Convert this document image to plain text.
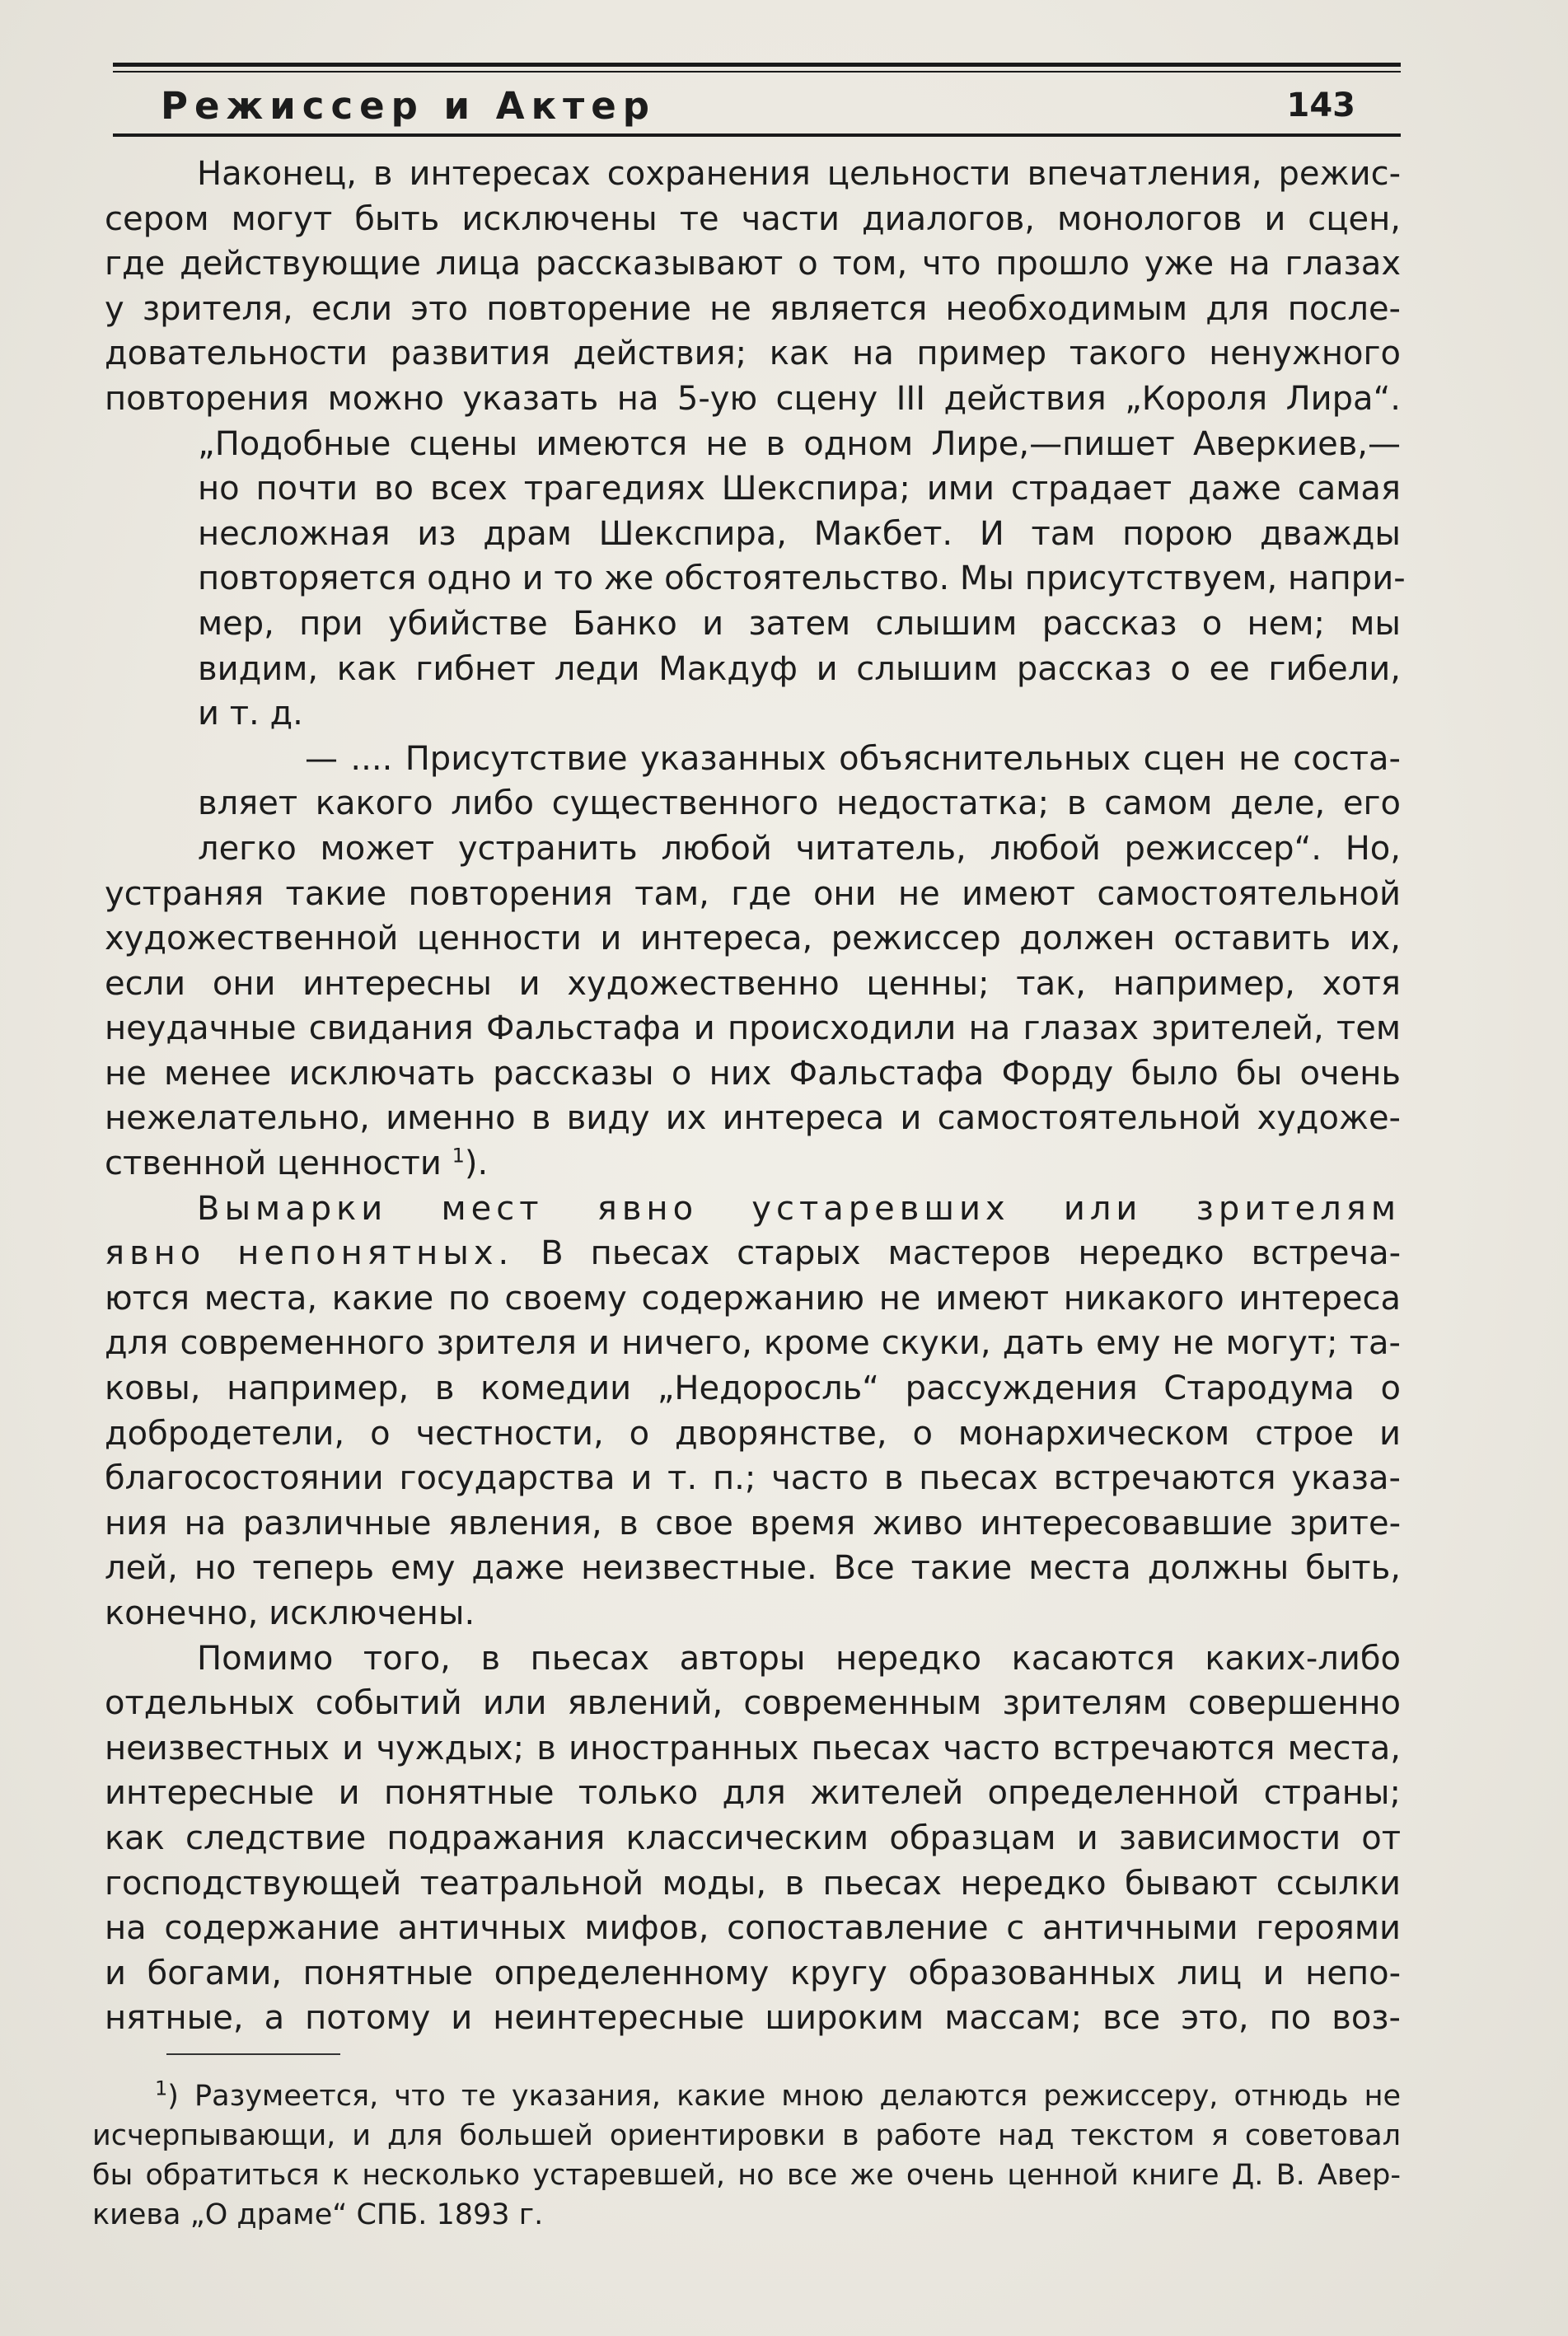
Режиссер и Актер	143
Наконец, в интересах сохранения цельности впечатления, режис-
сером могут быть исключены те части диалогов, монологов и сцен,
где действующие лица рассказывают о том, что прошло уже на глазах
у зрителя, если это повторение не является необходимым для после-
довательности развития действия; как на пример такого ненужного
повторения можно указать на 5-ую сцену III действия „Короля Лира“.
„Подобные сцены имеются не в одном Лире,—пишет Аверкиев,—
но почти во всех трагедиях Шекспира; ими страдает даже самая
несложная из драм Шекспира, Макбет. И там порою дважды
повторяется одно и то же обстоятельство. Мы присутствуем, напри-
мер, при убийстве Банко и затем слышим рассказ о нем; мы
видим, как гибнет леди Макдуф и слышим рассказ о ее гибели,
и т. д.
— .... Присутствие указанных объяснительных сцен не соста-
вляет какого либо существенного недостатка; в самом деле, его
легко может устранить любой читатель, любой режиссер“. Но,
устраняя такие повторения там, где они не имеют самостоятельной
художественной ценности и интереса, режиссер должен оставить их,
если они интересны и художественно ценны; так, например, хотя
неудачные свидания Фальстафа и происходили на глазах зрителей, тем
не менее исключать рассказы о них Фальстафа Форду было бы очень
нежелательно, именно в виду их интереса и самостоятельной художе-
ственной ценности $^1$).
Вымарки мест явно устаревших или зрителям
явно непонятных. В пьесах старых мастеров нередко встреча-
ются места, какие по своему содержанию не имеют никакого интереса
для современного зрителя и ничего, кроме скуки, дать ему не могут; та-
ковы, например, в комедии „Недоросль“ рассуждения Стародума о
добродетели, о честности, о дворянстве, о монархическом строе и
благосостоянии государства и т. п.; часто в пьесах встречаются указа-
ния на различные явления, в свое время живо интересовавшие зрите-
лей, но теперь ему даже неизвестные. Все такие места должны быть,
конечно, исключены.
Помимо того, в пьесах авторы нередко касаются каких-либо
отдельных событий или явлений, современным зрителям совершенно
неизвестных и чуждых; в иностранных пьесах часто встречаются места,
интересные и понятные только для жителей определенной страны;
как следствие подражания классическим образцам и зависимости от
господствующей театральной моды, в пьесах нередко бывают ссылки
на содержание античных мифов, сопоставление с античными героями
и богами, понятные определенному кругу образованных лиц и непо-
нятные, а потому и неинтересные широким массам; все это, по воз-
$^1$) Разумеется, что те указания, какие мною делаются режиссеру, отнюдь не
исчерпывающи, и для большей ориентировки в работе над текстом я советовал
бы обратиться к несколько устаревшей, но все же очень ценной книге Д. В. Авер-
киева „О драме“ СПБ. 1893 г.
